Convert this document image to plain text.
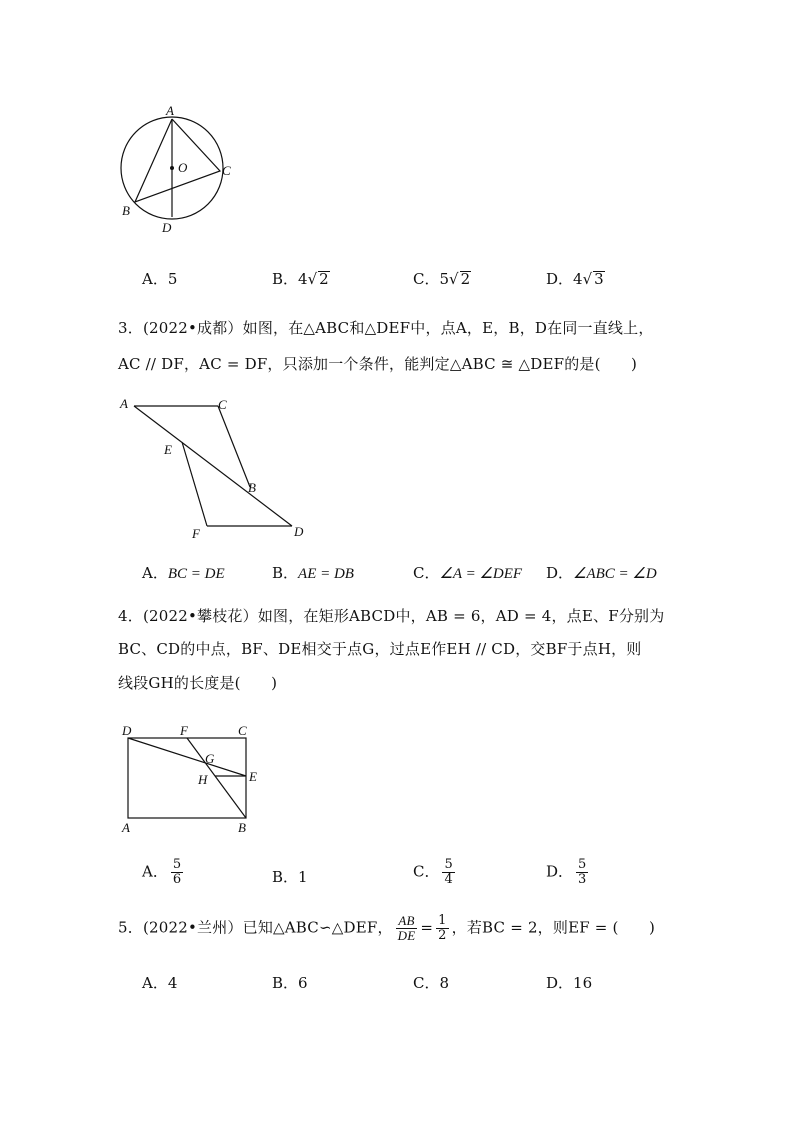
A
O	C
B
D
A．5	B．4√ 2	C．5√ 2	D．4√ 3
3．(2022•成都）如图，在△ABC和△DEF中，点A，E，B，D在同一直线上，
AC // DF，AC = DF，只添加一个条件，能判定△ABC ≅ △DEF的是(　　)
A	C
E
B
F	D
A．BC = DE	B．AE = DB	C．∠A = ∠DEF D．∠ABC = ∠D
4．(2022•攀枝花）如图，在矩形ABCD中，AB = 6，AD = 4，点E、F分别为
BC、CD的中点，BF、DE相交于点G，过点E作EH // CD，交BF于点H，则
线段GH的长度是(　　)
D	F	C
G
H	E
A	B
A． $\frac{5}{6}$	B．1	C． $\frac{5}{4}$	D． $\frac{5}{3}$
5．(2022•兰州）已知△ABC∽△DEF， $\frac{AB}{DE} = \frac{1}{2}$ ，若BC = 2，则EF = (　　)
A．4	B．6	C．8	D．16
